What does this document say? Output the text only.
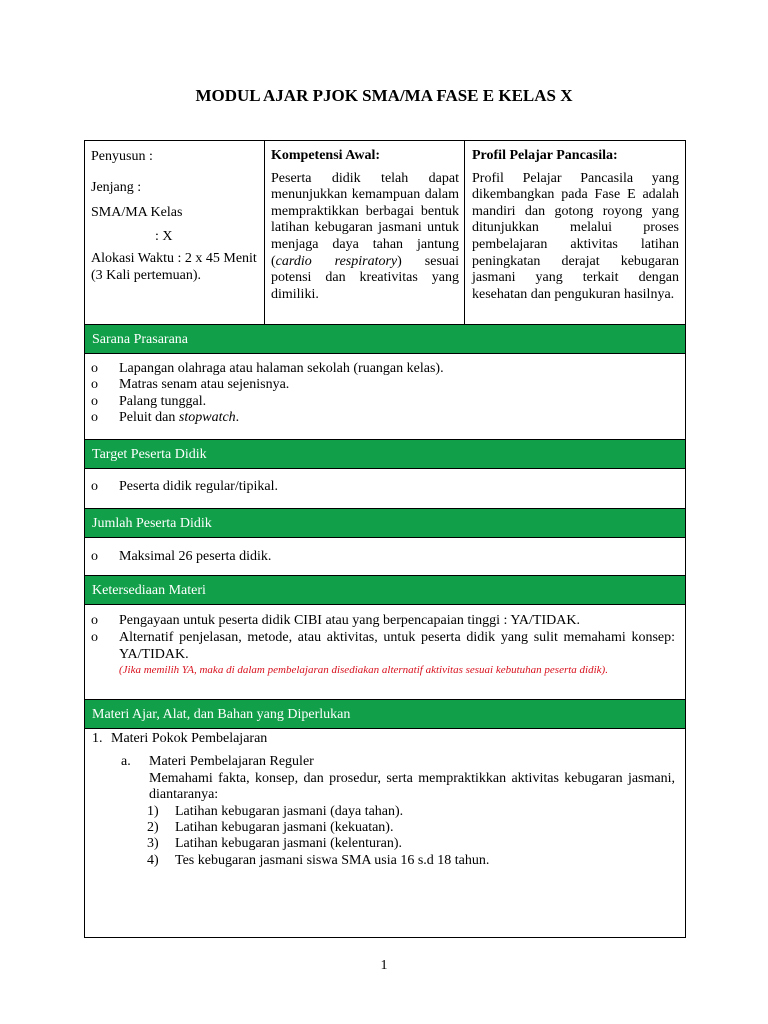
MODUL AJAR PJOK SMA/MA FASE E KELAS X

Penyusun :

Jenjang :

SMA/MA Kelas

: X

Alokasi Waktu : 2 x 45 Menit (3 Kali pertemuan).

Kompetensi Awal:
Peserta didik telah dapat menunjukkan kemampuan dalam mempraktikkan berbagai bentuk latihan kebugaran jasmani untuk menjaga daya tahan jantung (cardio respiratory) sesuai potensi dan kreativitas yang dimiliki.
Profil Pelajar Pancasila:
Profil Pelajar Pancasila yang dikembangkan pada Fase E adalah mandiri dan gotong royong yang ditunjukkan melalui proses pembelajaran aktivitas latihan peningkatan derajat kebugaran jasmani yang terkait dengan kesehatan dan pengukuran hasilnya.
Sarana Prasarana
o Lapangan olahraga atau halaman sekolah (ruangan kelas).
o Matras senam atau sejenisnya.
o Palang tunggal.
o Peluit dan stopwatch.
Target Peserta Didik
o Peserta didik regular/tipikal.
Jumlah Peserta Didik
o Maksimal 26 peserta didik.
Ketersediaan Materi
o Pengayaan untuk peserta didik CIBI atau yang berpencapaian tinggi : YA/TIDAK.
o Alternatif penjelasan, metode, atau aktivitas, untuk peserta didik yang sulit memahami konsep: YA/TIDAK.
(Jika memilih YA, maka di dalam pembelajaran disediakan alternatif aktivitas sesuai kebutuhan peserta didik).
Materi Ajar, Alat, dan Bahan yang Diperlukan
1. Materi Pokok Pembelajaran
a. Materi Pembelajaran Reguler
Memahami fakta, konsep, dan prosedur, serta mempraktikkan aktivitas kebugaran jasmani, diantaranya:
1) Latihan kebugaran jasmani (daya tahan).
2) Latihan kebugaran jasmani (kekuatan).
3) Latihan kebugaran jasmani (kelenturan).
4) Tes kebugaran jasmani siswa SMA usia 16 s.d 18 tahun.
1
